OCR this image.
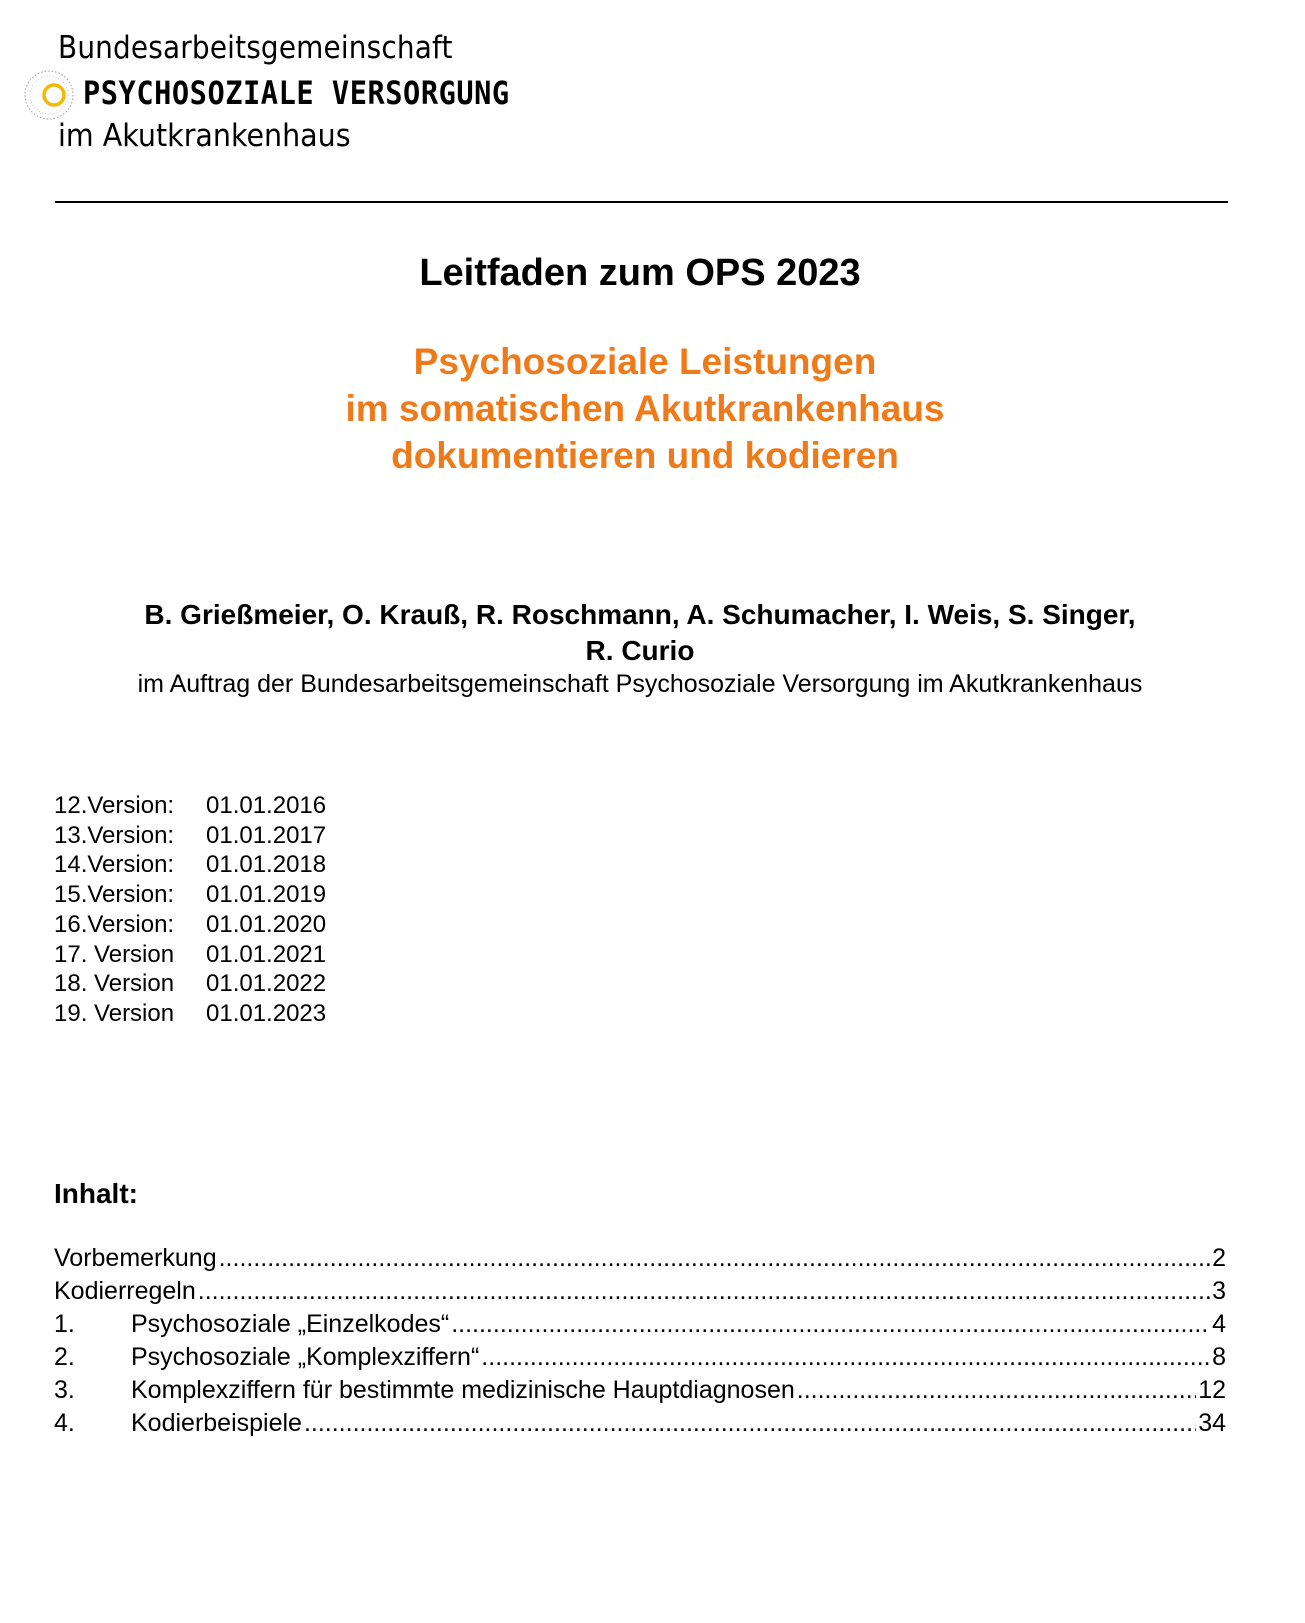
Bundesarbeitsgemeinschaft
PSYCHOSOZIALE VERSORGUNG
im Akutkrankenhaus
Leitfaden zum OPS 2023
Psychosoziale Leistungen
im somatischen Akutkrankenhaus
dokumentieren und kodieren
B. Grießmeier, O. Krauß, R. Roschmann, A. Schumacher, I. Weis, S. Singer,
R. Curio
im Auftrag der Bundesarbeitsgemeinschaft Psychosoziale Versorgung im Akutkrankenhaus
12.Version:	01.01.2016
13.Version:	01.01.2017
14.Version:	01.01.2018
15.Version:	01.01.2019
16.Version:	01.01.2020
17. Version	01.01.2021
18. Version	01.01.2022
19. Version	01.01.2023
Inhalt:
Vorbemerkung .....	2
Kodierregeln .....	3
1.	Psychosoziale „Einzelkodes“ .....	4
2.	Psychosoziale „Komplexziffern“ .....	8
3.	Komplexziffern für bestimmte medizinische Hauptdiagnosen .....	12
4.	Kodierbeispiele .....	34
